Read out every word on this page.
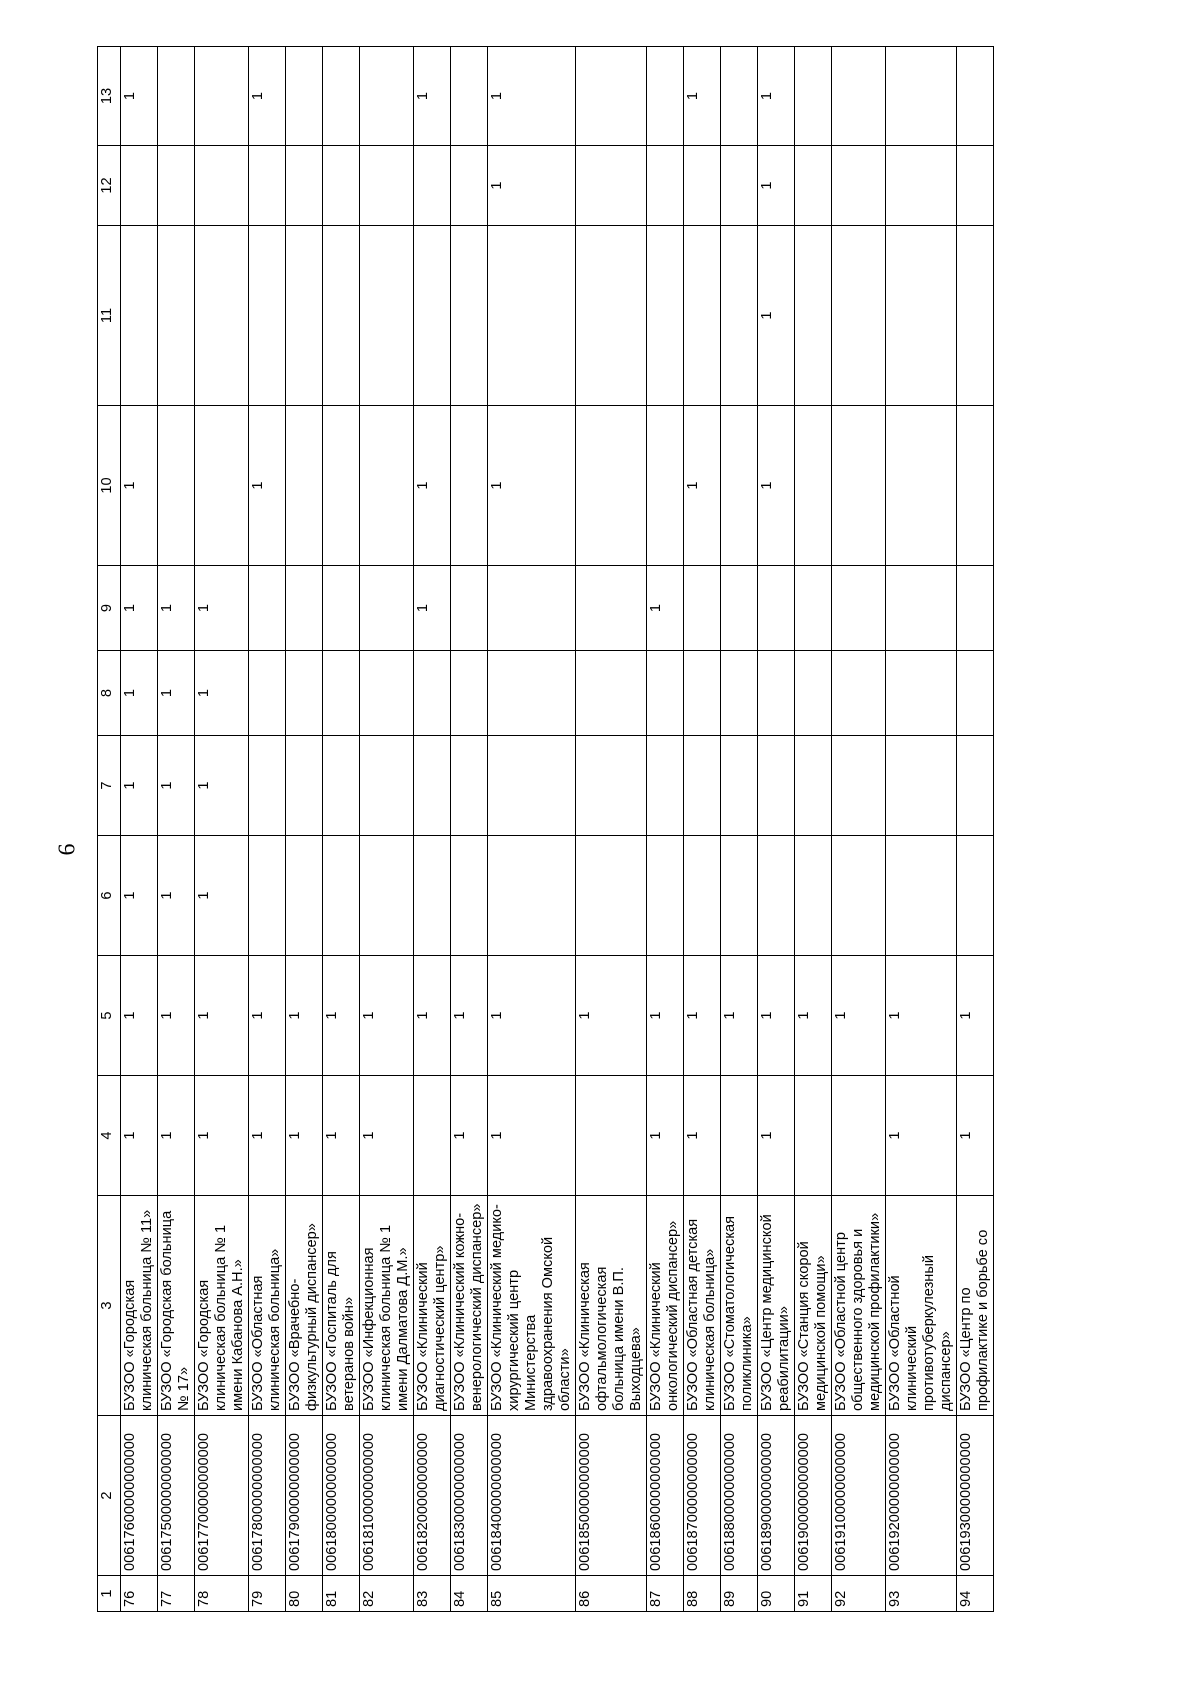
6
1	2	3	4	5	6	7	8	9	10	11	12	13
76	00617600000000000	БУЗОО «Городская клиническая больница № 11»	1	1	1	1	1	1	1			1
77	00617500000000000	БУЗОО «Городская больница № 17»	1	1	1	1	1	1				
78	00617700000000000	БУЗОО «Городская клиническая больница № 1 имени Кабанова А.Н.»	1	1	1	1	1	1				
79	00617800000000000	БУЗОО «Областная клиническая больница»	1	1					1			1
80	00617900000000000	БУЗОО «Врачебно-физкультурный диспансер»	1	1								
81	00618000000000000	БУЗОО «Госпиталь для ветеранов войн»	1	1								
82	00618100000000000	БУЗОО «Инфекционная клиническая больница № 1 имени Далматова Д.М.»	1	1								
83	00618200000000000	БУЗОО «Клинический диагностический центр»		1				1	1			1
84	00618300000000000	БУЗОО «Клинический кожно-венерологический диспансер»	1	1								
85	00618400000000000	БУЗОО «Клинический медико-хирургический центр Министерства здравоохранения Омской области»	1	1					1		1	1
86	00618500000000000	БУЗОО «Клиническая офтальмологическая больница имени В.П. Выходцева»		1								
87	00618600000000000	БУЗОО «Клинический онкологический диспансер»	1	1				1				
88	00618700000000000	БУЗОО «Областная детская клиническая больница»	1	1					1			1
89	00618800000000000	БУЗОО «Стоматологическая поликлиника»		1								
90	00618900000000000	БУЗОО «Центр медицинской реабилитации»	1	1					1	1	1	1
91	00619000000000000	БУЗОО «Станция скорой медицинской помощи»		1								
92	00619100000000000	БУЗОО «Областной центр общественного здоровья и медицинской профилактики»		1								
93	00619200000000000	БУЗОО «Областной клинический противотуберкулезный диспансер»	1	1								
94	00619300000000000	БУЗОО «Центр по профилактике и борьбе со	1	1								
